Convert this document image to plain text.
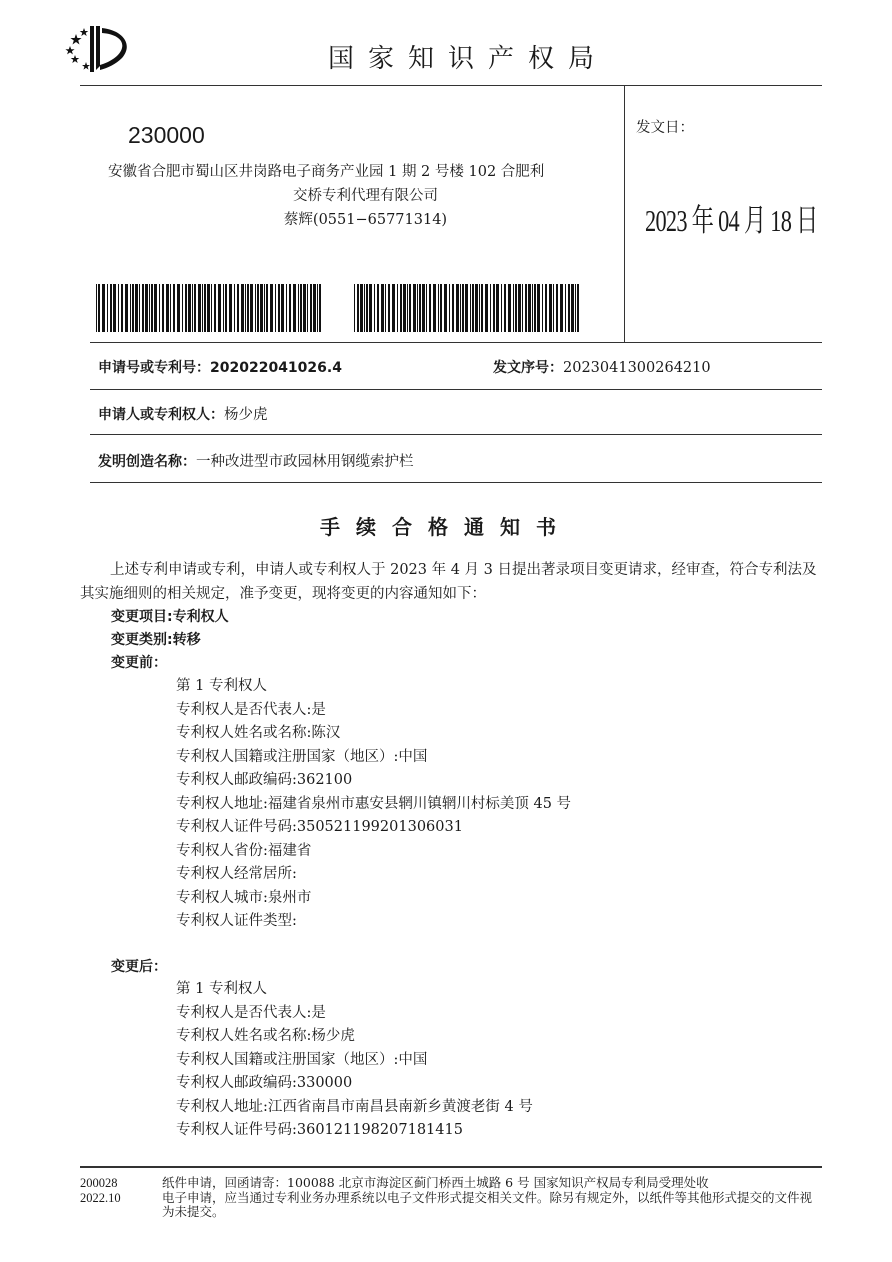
国家知识产权局
230000
安徽省合肥市蜀山区井岗路电子商务产业园 1 期 2 号楼 102 合肥利
交桥专利代理有限公司
蔡辉(0551−65771314)
发文日：
2023 年 04 月 18 日
申请号或专利号：202022041026.4	发文序号：2023041300264210
申请人或专利权人：杨少虎
发明创造名称：一种改进型市政园林用钢缆索护栏
手续合格通知书
上述专利申请或专利，申请人或专利权人于 2023 年 4 月 3 日提出著录项目变更请求，经审查，符合专利法及其实施细则的相关规定，准予变更，现将变更的内容通知如下：
变更项目:专利权人
变更类别:转移
变更前：
第 1 专利权人
专利权人是否代表人:是
专利权人姓名或名称:陈汉
专利权人国籍或注册国家（地区）:中国
专利权人邮政编码:362100
专利权人地址:福建省泉州市惠安县辋川镇辋川村标美顶 45 号
专利权人证件号码:350521199201306031
专利权人省份:福建省
专利权人经常居所:
专利权人城市:泉州市
专利权人证件类型:
变更后：
第 1 专利权人
专利权人是否代表人:是
专利权人姓名或名称:杨少虎
专利权人国籍或注册国家（地区）:中国
专利权人邮政编码:330000
专利权人地址:江西省南昌市南昌县南新乡黄渡老街 4 号
专利权人证件号码:360121198207181415
200028
2022.10
纸件申请，回函请寄：100088 北京市海淀区蓟门桥西土城路 6 号 国家知识产权局专利局受理处收
电子申请，应当通过专利业务办理系统以电子文件形式提交相关文件。除另有规定外，以纸件等其他形式提交的文件视为未提交。
